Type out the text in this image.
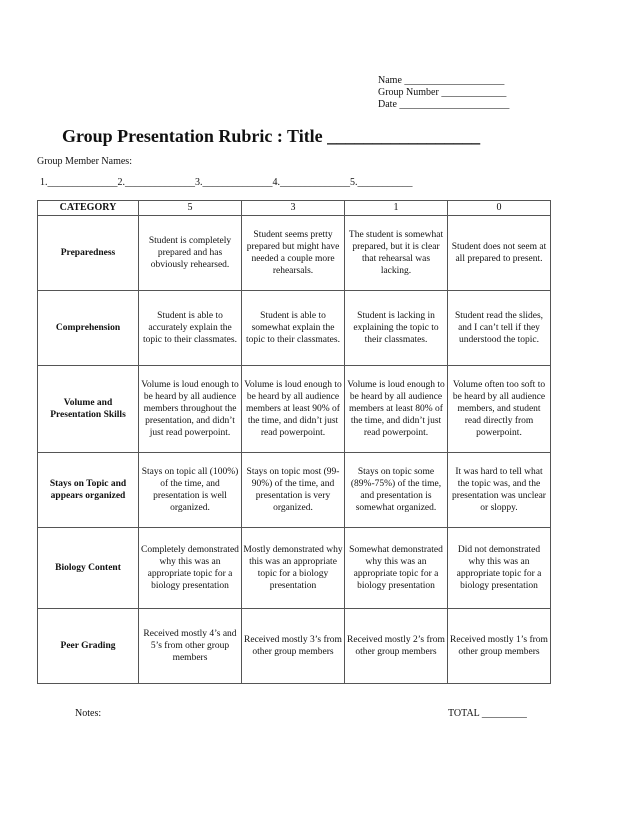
Name ____________________
Group Number _____________
Date ______________________
Group Presentation Rubric : Title _________________
Group Member Names:
1.______________2.______________3.______________4.______________5.___________
CATEGORY	5	3	1	0
Preparedness	Student is completely prepared and has obviously rehearsed.	Student seems pretty prepared but might have needed a couple more rehearsals.	The student is somewhat prepared, but it is clear that rehearsal was lacking.	Student does not seem at all prepared to present.
Comprehension	Student is able to accurately explain the topic to their classmates.	Student is able to somewhat explain the topic to their classmates.	Student is lacking in explaining the topic to their classmates.	Student read the slides, and I can’t tell if they understood the topic.
Volume and Presentation Skills	Volume is loud enough to be heard by all audience members throughout the presentation, and didn’t just read powerpoint.	Volume is loud enough to be heard by all audience members at least 90% of the time, and didn’t just read powerpoint.	Volume is loud enough to be heard by all audience members at least 80% of the time, and didn’t just read powerpoint.	Volume often too soft to be heard by all audience members, and student read directly from powerpoint.
Stays on Topic and appears organized	Stays on topic all (100%) of the time, and presentation is well organized.	Stays on topic most (99-90%) of the time, and presentation is very organized.	Stays on topic some (89%-75%) of the time, and presentation is somewhat organized.	It was hard to tell what the topic was, and the presentation was unclear or sloppy.
Biology Content	Completely demonstrated why this was an appropriate topic for a biology presentation	Mostly demonstrated why this was an appropriate topic for a biology presentation	Somewhat demonstrated why this was an appropriate topic for a biology presentation	Did not demonstrated why this was an appropriate topic for a biology presentation
Peer Grading	Received mostly 4’s and 5’s from other group members	Received mostly 3’s from other group members	Received mostly 2’s from other group members	Received mostly 1’s from other group members
Notes:	TOTAL _________
